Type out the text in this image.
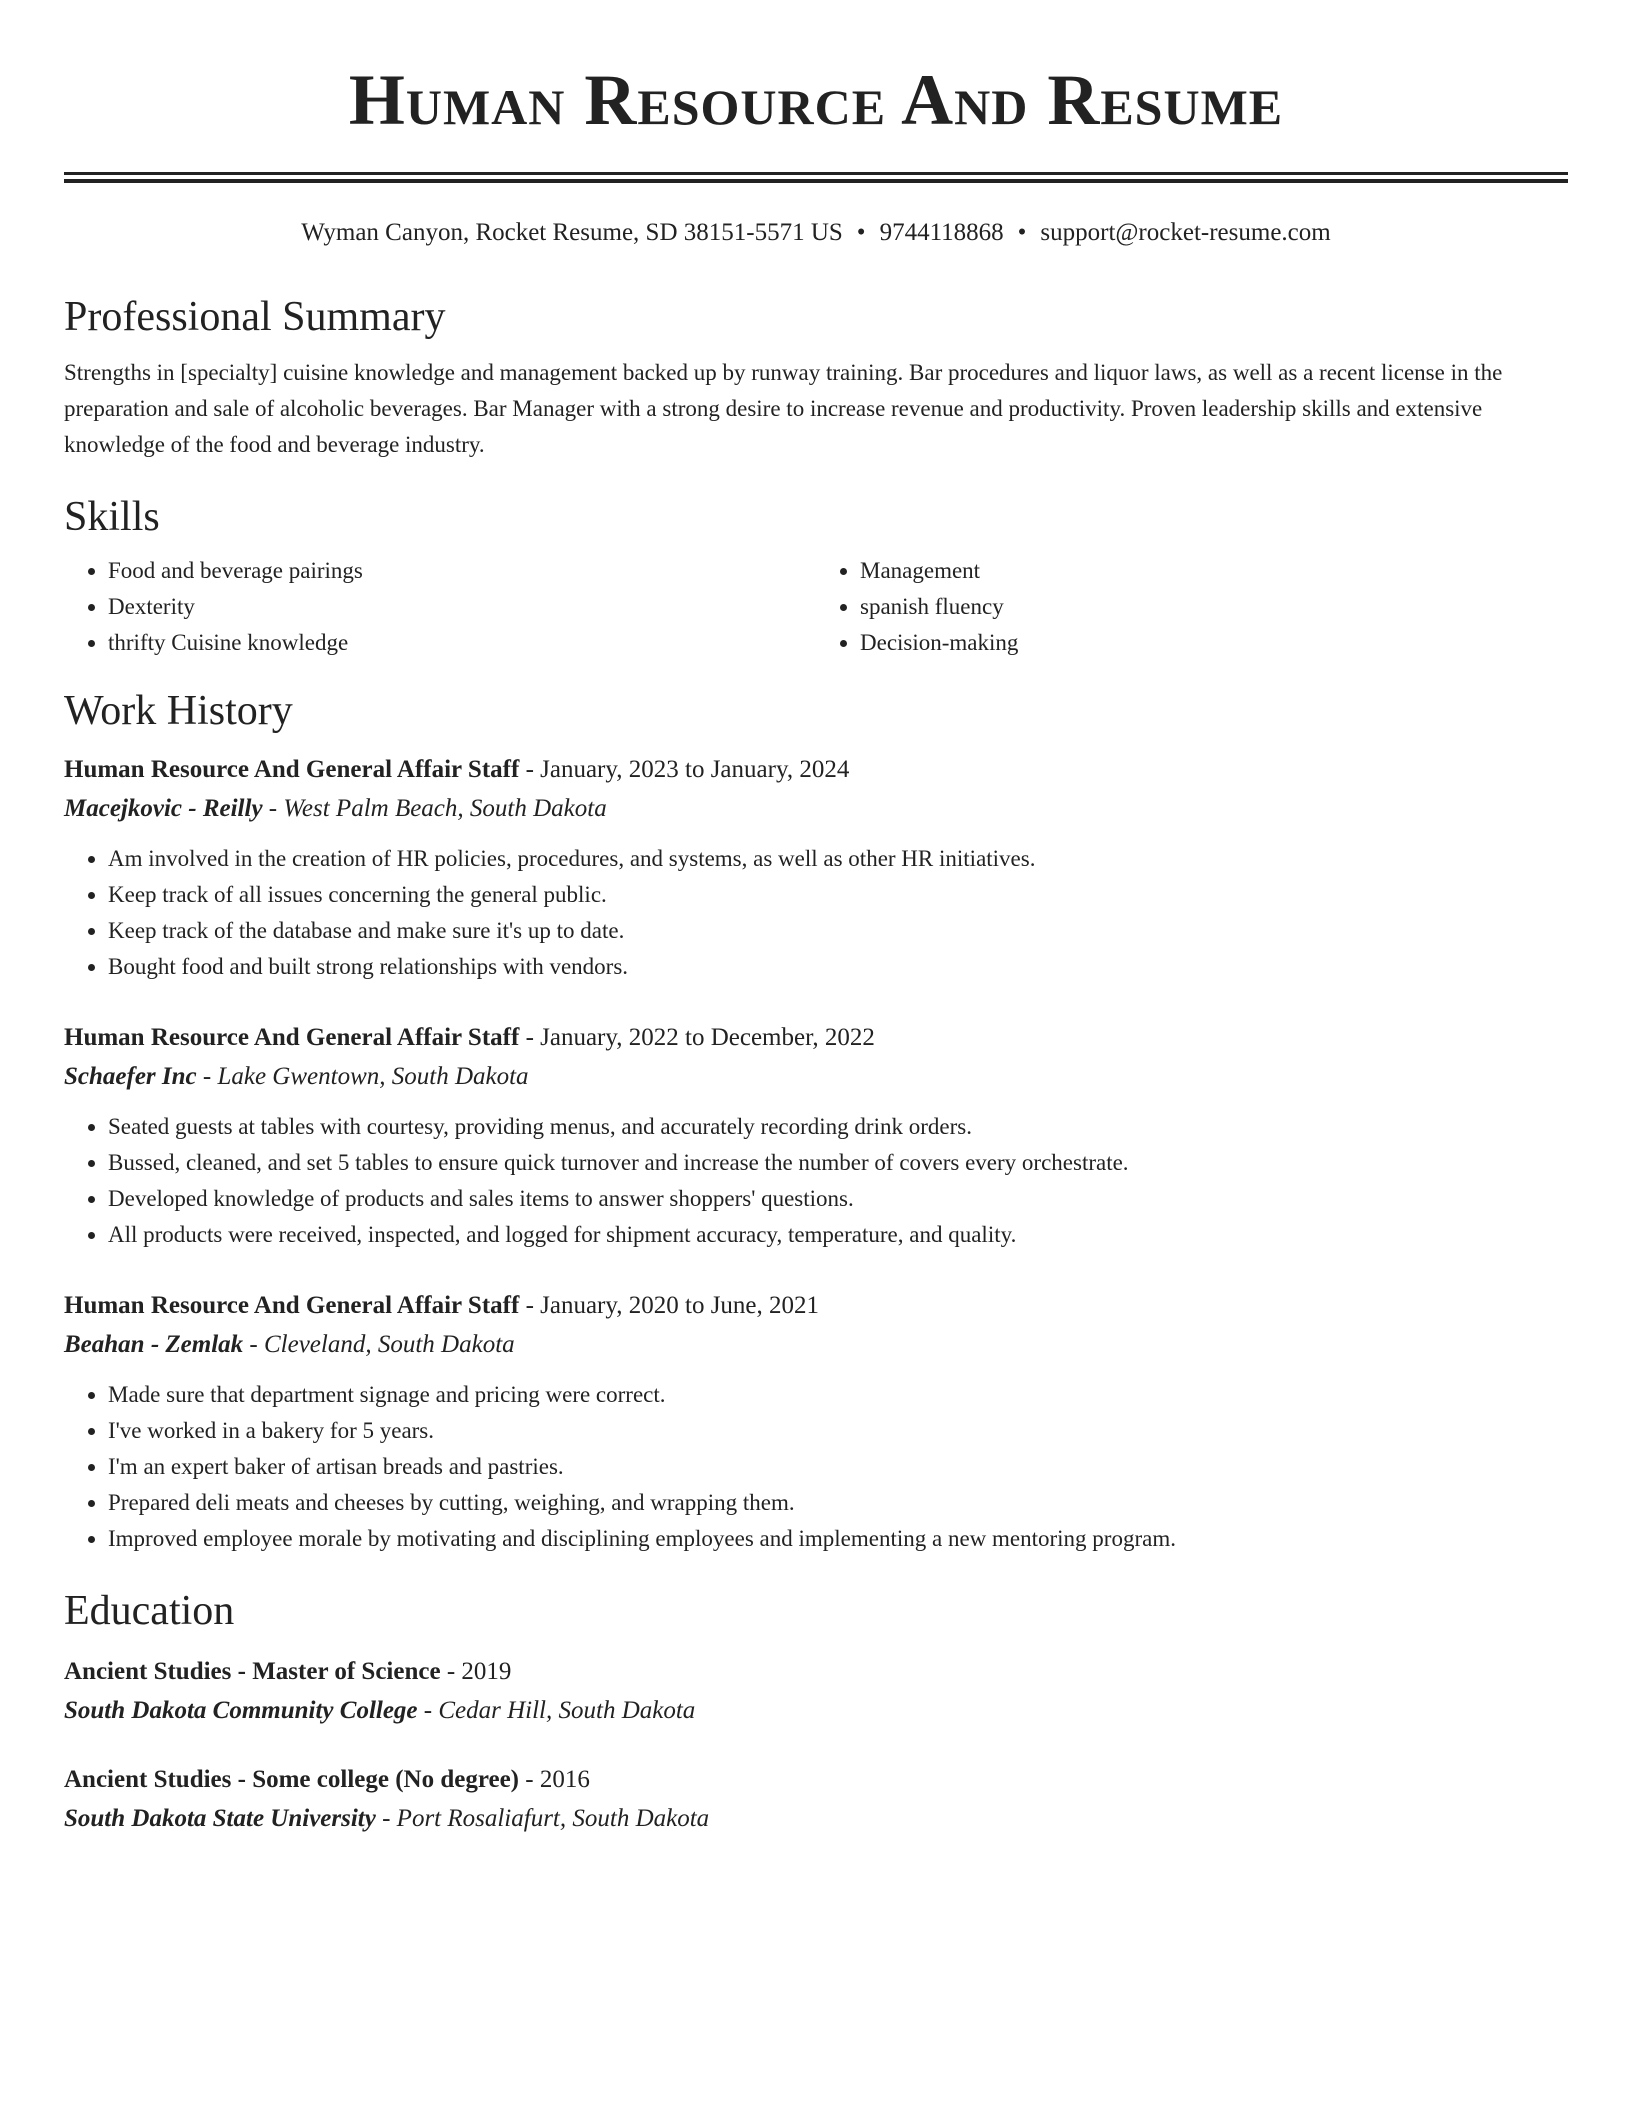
Human Resource And Resume
Wyman Canyon, Rocket Resume, SD 38151-5571 US • 9744118868 • support@rocket-resume.com
Professional Summary

Strengths in [specialty] cuisine knowledge and management backed up by runway training. Bar procedures and liquor laws, as well as a recent license in the preparation and sale of alcoholic beverages. Bar Manager with a strong desire to increase revenue and productivity. Proven leadership skills and extensive knowledge of the food and beverage industry.

Skills
• Food and beverage pairings
• Dexterity
• thrifty Cuisine knowledge
• Management
• spanish fluency
• Decision-making
Work History
Human Resource And General Affair Staff - January, 2023 to January, 2024
Macejkovic - Reilly - West Palm Beach, South Dakota
• Am involved in the creation of HR policies, procedures, and systems, as well as other HR initiatives.
• Keep track of all issues concerning the general public.
• Keep track of the database and make sure it's up to date.
• Bought food and built strong relationships with vendors.
Human Resource And General Affair Staff - January, 2022 to December, 2022
Schaefer Inc - Lake Gwentown, South Dakota
• Seated guests at tables with courtesy, providing menus, and accurately recording drink orders.
• Bussed, cleaned, and set 5 tables to ensure quick turnover and increase the number of covers every orchestrate.
• Developed knowledge of products and sales items to answer shoppers' questions.
• All products were received, inspected, and logged for shipment accuracy, temperature, and quality.
Human Resource And General Affair Staff - January, 2020 to June, 2021
Beahan - Zemlak - Cleveland, South Dakota
• Made sure that department signage and pricing were correct.
• I've worked in a bakery for 5 years.
• I'm an expert baker of artisan breads and pastries.
• Prepared deli meats and cheeses by cutting, weighing, and wrapping them.
• Improved employee morale by motivating and disciplining employees and implementing a new mentoring program.
Education
Ancient Studies - Master of Science - 2019
South Dakota Community College - Cedar Hill, South Dakota
Ancient Studies - Some college (No degree) - 2016
South Dakota State University - Port Rosaliafurt, South Dakota
